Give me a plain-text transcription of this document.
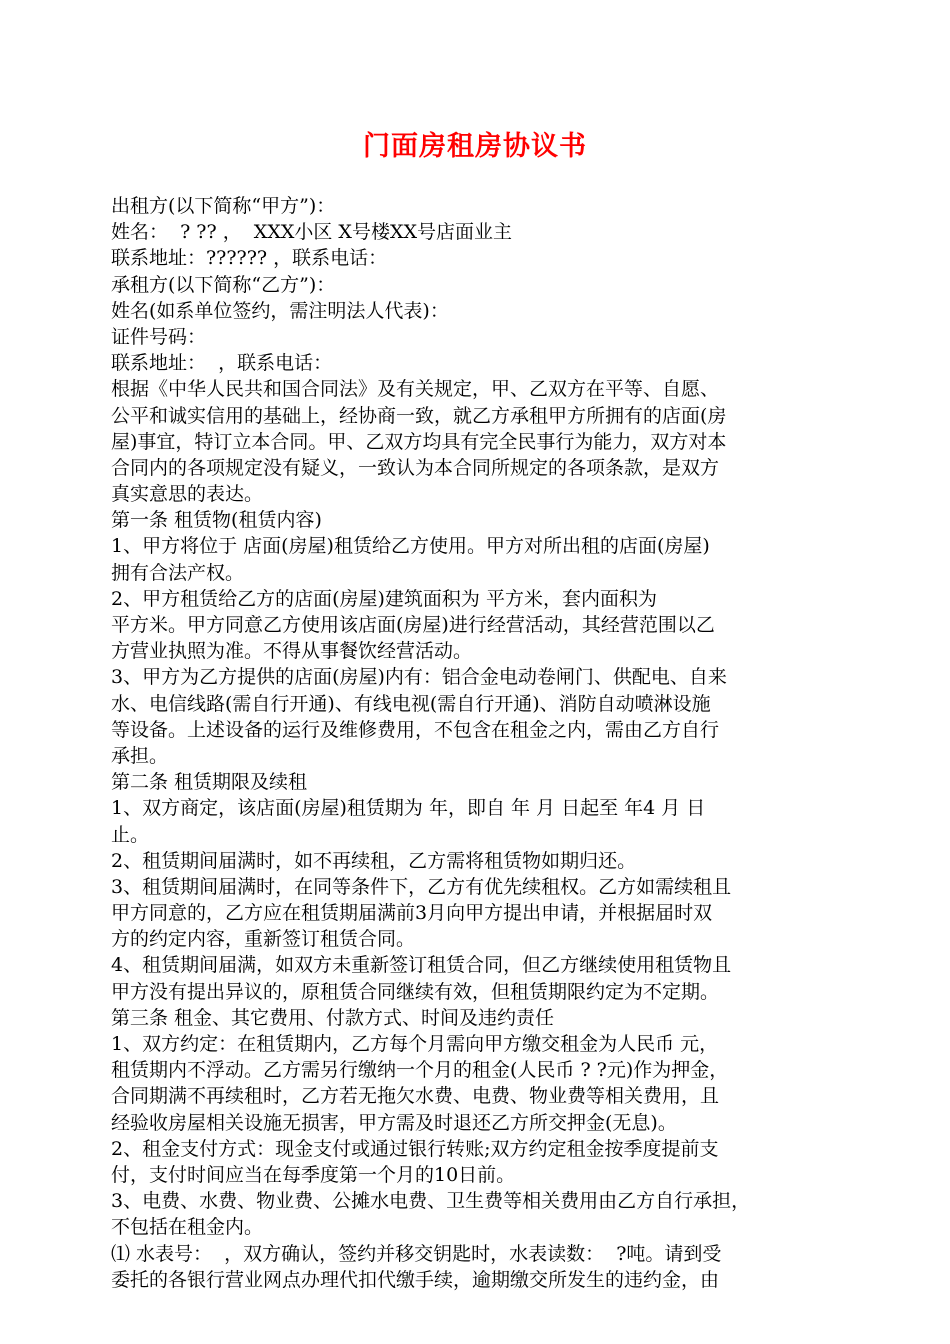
门面房租房协议书
出租方(以下简称“甲方”)：
姓名：  ? ?? ，  XXX小区 X号楼XX号店面业主
联系地址：?????? ，联系电话：
承租方(以下简称“乙方”)：
姓名(如系单位签约，需注明法人代表)：
证件号码：
联系地址：  ，联系电话：
根据《中华人民共和国合同法》及有关规定，甲、乙双方在平等、自愿、
公平和诚实信用的基础上，经协商一致，就乙方承租甲方所拥有的店面(房
屋)事宜，特订立本合同。甲、乙双方均具有完全民事行为能力，双方对本
合同内的各项规定没有疑义，一致认为本合同所规定的各项条款，是双方
真实意思的表达。
第一条 租赁物(租赁内容)
1、甲方将位于 店面(房屋)租赁给乙方使用。甲方对所出租的店面(房屋)
拥有合法产权。
2、甲方租赁给乙方的店面(房屋)建筑面积为 平方米，套内面积为
平方米。甲方同意乙方使用该店面(房屋)进行经营活动，其经营范围以乙
方营业执照为准。不得从事餐饮经营活动。
3、甲方为乙方提供的店面(房屋)内有：铝合金电动卷闸门、供配电、自来
水、电信线路(需自行开通)、有线电视(需自行开通)、消防自动喷淋设施
等设备。上述设备的运行及维修费用，不包含在租金之内，需由乙方自行
承担。
第二条 租赁期限及续租
1、双方商定，该店面(房屋)租赁期为 年，即自 年 月 日起至 年4 月 日
止。
2、租赁期间届满时，如不再续租，乙方需将租赁物如期归还。
3、租赁期间届满时，在同等条件下，乙方有优先续租权。乙方如需续租且
甲方同意的，乙方应在租赁期届满前3月向甲方提出申请，并根据届时双
方的约定内容，重新签订租赁合同。
4、租赁期间届满，如双方未重新签订租赁合同，但乙方继续使用租赁物且
甲方没有提出异议的，原租赁合同继续有效，但租赁期限约定为不定期。
第三条 租金、其它费用、付款方式、时间及违约责任
1、双方约定：在租赁期内，乙方每个月需向甲方缴交租金为人民币 元，
租赁期内不浮动。乙方需另行缴纳一个月的租金(人民币 ? ?元)作为押金，
合同期满不再续租时，乙方若无拖欠水费、电费、物业费等相关费用，且
经验收房屋相关设施无损害，甲方需及时退还乙方所交押金(无息)。
2、租金支付方式：现金支付或通过银行转账;双方约定租金按季度提前支
付，支付时间应当在每季度第一个月的10日前。
3、电费、水费、物业费、公摊水电费、卫生费等相关费用由乙方自行承担，
不包括在租金内。
⑴ 水表号：  ，双方确认，签约并移交钥匙时，水表读数：  ?吨。请到受
委托的各银行营业网点办理代扣代缴手续，逾期缴交所发生的违约金，由
